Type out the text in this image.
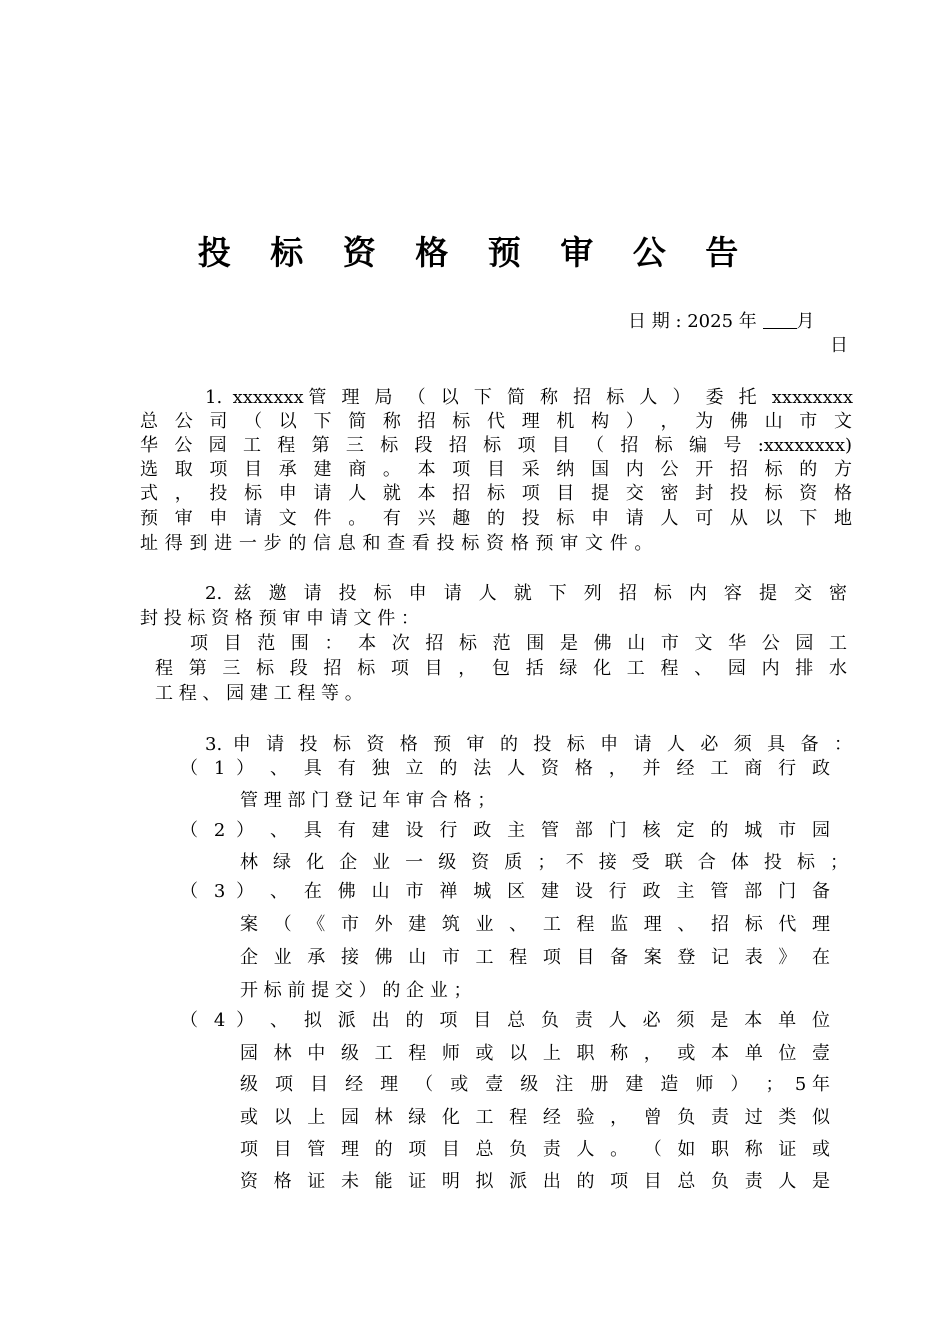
投 标 资 格 预 审 公 告
日 期 : 2025 年 月
日
1. xxxxxxx管 理 局 （ 以 下 简 称 招 标 人 ） 委 托 xxxxxxxx
总 公 司 （ 以 下 简 称 招 标 代 理 机 构 ） ， 为 佛 山 市 文
华 公 园 工 程 第 三 标 段 招 标 项 目 （ 招 标 编 号 :xxxxxxxx)
选 取 项 目 承 建 商 。 本 项 目 采 纳 国 内 公 开 招 标 的 方
式 ， 投 标 申 请 人 就 本 招 标 项 目 提 交 密 封 投 标 资 格
预 审 申 请 文 件 。 有 兴 趣 的 投 标 申 请 人 可 从 以 下 地
址 得 到 进 一 步 的 信 息 和 查 看 投 标 资 格 预 审 文 件 。
2. 兹 邀 请 投 标 申 请 人 就 下 列 招 标 内 容 提 交 密
封 投 标 资 格 预 审 申 请 文 件 ：
项 目 范 围 ： 本 次 招 标 范 围 是 佛 山 市 文 华 公 园 工
程 第 三 标 段 招 标 项 目 ， 包 括 绿 化 工 程 、 园 内 排 水
工 程 、 园 建 工 程 等 。
3. 申 请 投 标 资 格 预 审 的 投 标 申 请 人 必 须 具 备 ：
（ 1 ） 、 具 有 独 立 的 法 人 资 格 ， 并 经 工 商 行 政
管 理 部 门 登 记 年 审 合 格 ；
（ 2 ） 、 具 有 建 设 行 政 主 管 部 门 核 定 的 城 市 园
林 绿 化 企 业 一 级 资 质 ； 不 接 受 联 合 体 投 标 ；
（ 3 ） 、 在 佛 山 市 禅 城 区 建 设 行 政 主 管 部 门 备
案 （ 《 市 外 建 筑 业 、 工 程 监 理 、 招 标 代 理
企 业 承 接 佛 山 市 工 程 项 目 备 案 登 记 表 》 在
开 标 前 提 交 ） 的 企 业 ；
（ 4 ） 、 拟 派 出 的 项 目 总 负 责 人 必 须 是 本 单 位
园 林 中 级 工 程 师 或 以 上 职 称 ， 或 本 单 位 壹
级 项 目 经 理 （ 或 壹 级 注 册 建 造 师 ） ； 5年
或 以 上 园 林 绿 化 工 程 经 验 ， 曾 负 责 过 类 似
项 目 管 理 的 项 目 总 负 责 人 。 （ 如 职 称 证 或
资 格 证 未 能 证 明 拟 派 出 的 项 目 总 负 责 人 是
